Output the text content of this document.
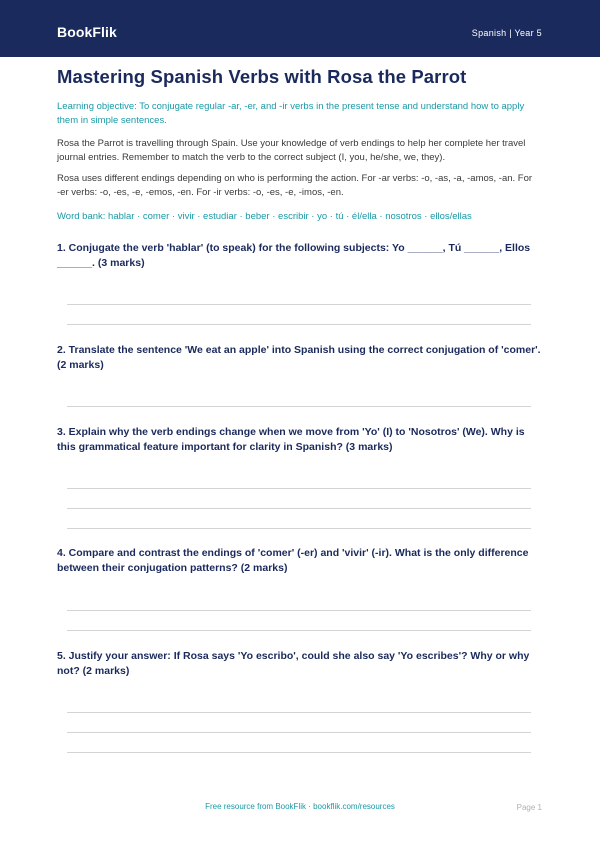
BookFlik	Spanish | Year 5
Mastering Spanish Verbs with Rosa the Parrot
Learning objective: To conjugate regular -ar, -er, and -ir verbs in the present tense and understand how to apply them in simple sentences.
Rosa the Parrot is travelling through Spain. Use your knowledge of verb endings to help her complete her travel journal entries. Remember to match the verb to the correct subject (I, you, he/she, we, they).
Rosa uses different endings depending on who is performing the action. For -ar verbs: -o, -as, -a, -amos, -an. For -er verbs: -o, -es, -e, -emos, -en. For -ir verbs: -o, -es, -e, -imos, -en.
Word bank: hablar · comer · vivir · estudiar · beber · escribir · yo · tú · él/ella · nosotros · ellos/ellas
1. Conjugate the verb 'hablar' (to speak) for the following subjects: Yo ______, Tú ______, Ellos ______. (3 marks)
2. Translate the sentence 'We eat an apple' into Spanish using the correct conjugation of 'comer'. (2 marks)
3. Explain why the verb endings change when we move from 'Yo' (I) to 'Nosotros' (We). Why is this grammatical feature important for clarity in Spanish? (3 marks)
4. Compare and contrast the endings of 'comer' (-er) and 'vivir' (-ir). What is the only difference between their conjugation patterns? (2 marks)
5. Justify your answer: If Rosa says 'Yo escribo', could she also say 'Yo escribes'? Why or why not? (2 marks)
Free resource from BookFlik · bookflik.com/resources	Page 1
